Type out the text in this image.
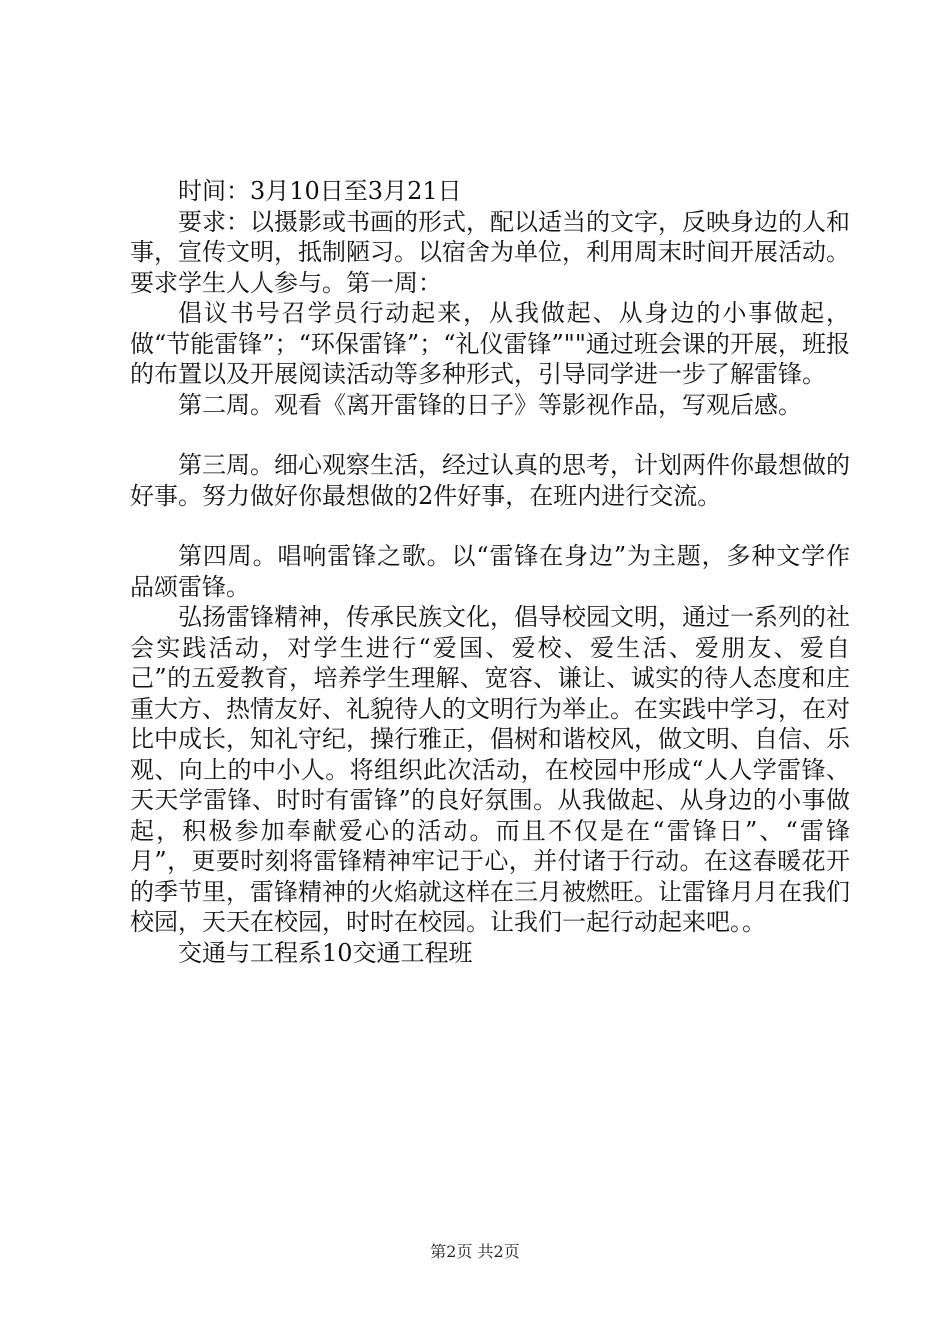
时间：3月10日至3月21日

要求：以摄影或书画的形式，配以适当的文字，反映身边的人和事，宣传文明，抵制陋习。以宿舍为单位，利用周末时间开展活动。要求学生人人参与。第一周：

倡议书号召学员行动起来，从我做起、从身边的小事做起，做“节能雷锋”；“环保雷锋”；“礼仪雷锋”""通过班会课的开展，班报的布置以及开展阅读活动等多种形式，引导同学进一步了解雷锋。

第二周。观看《离开雷锋的日子》等影视作品，写观后感。

第三周。细心观察生活，经过认真的思考，计划两件你最想做的好事。努力做好你最想做的2件好事，在班内进行交流。

第四周。唱响雷锋之歌。以“雷锋在身边”为主题，多种文学作品颂雷锋。

弘扬雷锋精神，传承民族文化，倡导校园文明，通过一系列的社会实践活动，对学生进行“爱国、爱校、爱生活、爱朋友、爱自己”的五爱教育，培养学生理解、宽容、谦让、诚实的待人态度和庄重大方、热情友好、礼貌待人的文明行为举止。在实践中学习，在对比中成长，知礼守纪，操行雅正，倡树和谐校风，做文明、自信、乐观、向上的中小人。将组织此次活动，在校园中形成“人人学雷锋、天天学雷锋、时时有雷锋”的良好氛围。从我做起、从身边的小事做起，积极参加奉献爱心的活动。而且不仅是在“雷锋日”、“雷锋月”，更要时刻将雷锋精神牢记于心，并付诸于行动。在这春暖花开的季节里，雷锋精神的火焰就这样在三月被燃旺。让雷锋月月在我们校园，天天在校园，时时在校园。让我们一起行动起来吧。。

交通与工程系10交通工程班

第2页 共2页
